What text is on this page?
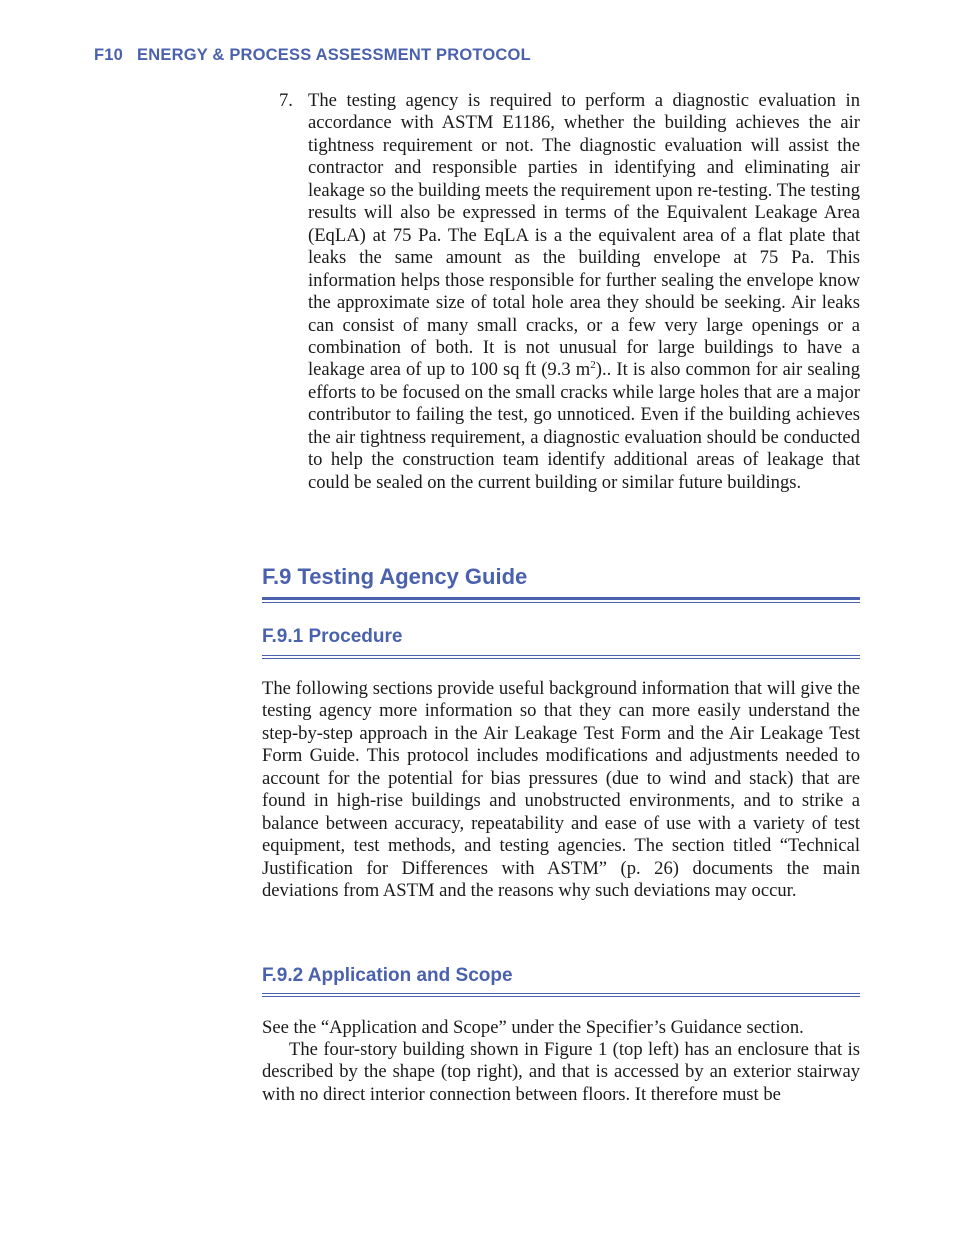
F10 ENERGY & PROCESS ASSESSMENT PROTOCOL
7. The testing agency is required to perform a diagnostic evaluation in accordance with ASTM E1186, whether the building achieves the air tightness requirement or not. The diagnostic evaluation will assist the contractor and responsible parties in identifying and eliminating air leakage so the building meets the requirement upon re-testing. The testing results will also be expressed in terms of the Equivalent Leakage Area (EqLA) at 75 Pa. The EqLA is a the equivalent area of a flat plate that leaks the same amount as the building envelope at 75 Pa. This information helps those responsible for further sealing the envelope know the approximate size of total hole area they should be seeking. Air leaks can consist of many small cracks, or a few very large openings or a combination of both. It is not unusual for large buildings to have a leakage area of up to 100 sq ft (9.3 $m^2$).. It is also common for air sealing efforts to be focused on the small cracks while large holes that are a major contributor to failing the test, go unnoticed. Even if the building achieves the air tightness requirement, a diagnostic evaluation should be conducted to help the construction team identify additional areas of leakage that could be sealed on the current building or similar future buildings.
F.9 Testing Agency Guide
F.9.1 Procedure
The following sections provide useful background information that will give the testing agency more information so that they can more easily understand the step-by-step approach in the Air Leakage Test Form and the Air Leakage Test Form Guide. This protocol includes modifications and adjustments needed to account for the potential for bias pressures (due to wind and stack) that are found in high-rise buildings and unobstructed environments, and to strike a balance between accuracy, repeatability and ease of use with a variety of test equipment, test methods, and testing agencies. The section titled “Technical Justification for Differences with ASTM” (p. 26) documents the main deviations from ASTM and the reasons why such deviations may occur.
F.9.2 Application and Scope
See the “Application and Scope” under the Specifier’s Guidance section.
The four-story building shown in Figure 1 (top left) has an enclosure that is described by the shape (top right), and that is accessed by an exterior stairway with no direct interior connection between floors. It therefore must be
